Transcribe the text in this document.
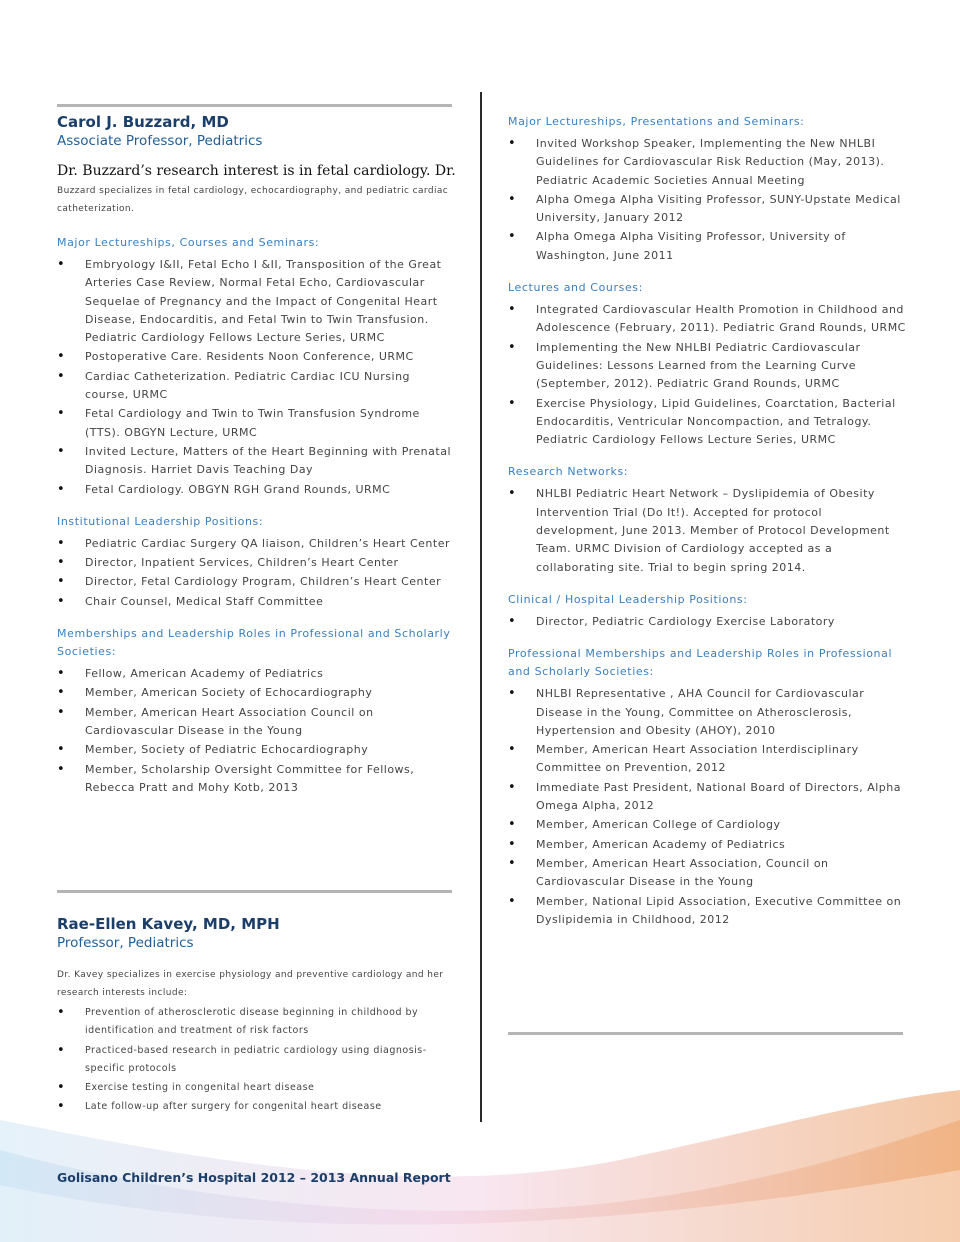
Carol J. Buzzard, MD
Associate Professor, Pediatrics
Dr. Buzzard’s research interest is in fetal cardiology. Dr. Buzzard specializes in fetal cardiology, echocardiography, and pediatric cardiac catheterization.

Major Lectureships, Courses and Seminars:

• Embryology I&II, Fetal Echo I &II, Transposition of the Great Arteries Case Review, Normal Fetal Echo, Cardiovascular Sequelae of Pregnancy and the Impact of Congenital Heart Disease, Endocarditis, and Fetal Twin to Twin Transfusion. Pediatric Cardiology Fellows Lecture Series, URMC
• Postoperative Care. Residents Noon Conference, URMC
• Cardiac Catheterization. Pediatric Cardiac ICU Nursing course, URMC
• Fetal Cardiology and Twin to Twin Transfusion Syndrome (TTS). OBGYN Lecture, URMC
• Invited Lecture, Matters of the Heart Beginning with Prenatal Diagnosis. Harriet Davis Teaching Day
• Fetal Cardiology. OBGYN RGH Grand Rounds, URMC

Institutional Leadership Positions:

• Pediatric Cardiac Surgery QA liaison, Children’s Heart Center
• Director, Inpatient Services, Children’s Heart Center
• Director, Fetal Cardiology Program, Children’s Heart Center
• Chair Counsel, Medical Staff Committee

Memberships and Leadership Roles in Professional and Scholarly Societies:

• Fellow, American Academy of Pediatrics
• Member, American Society of Echocardiography
• Member, American Heart Association Council on Cardiovascular Disease in the Young
• Member, Society of Pediatric Echocardiography
• Member, Scholarship Oversight Committee for Fellows, Rebecca Pratt and Mohy Kotb, 2013
Rae-Ellen Kavey, MD, MPH
Professor, Pediatrics
Dr. Kavey specializes in exercise physiology and preventive cardiology and her research interests include:
• Prevention of atherosclerotic disease beginning in childhood by identification and treatment of risk factors
• Practiced-based research in pediatric cardiology using diagnosis-specific protocols
• Exercise testing in congenital heart disease
• Late follow-up after surgery for congenital heart disease

Major Lectureships, Presentations and Seminars:

• Invited Workshop Speaker, Implementing the New NHLBI Guidelines for Cardiovascular Risk Reduction (May, 2013). Pediatric Academic Societies Annual Meeting
• Alpha Omega Alpha Visiting Professor, SUNY-Upstate Medical University, January 2012
• Alpha Omega Alpha Visiting Professor, University of Washington, June 2011

Lectures and Courses:

• Integrated Cardiovascular Health Promotion in Childhood and Adolescence (February, 2011). Pediatric Grand Rounds, URMC
• Implementing the New NHLBI Pediatric Cardiovascular Guidelines: Lessons Learned from the Learning Curve (September, 2012). Pediatric Grand Rounds, URMC
• Exercise Physiology, Lipid Guidelines, Coarctation, Bacterial Endocarditis, Ventricular Noncompaction, and Tetralogy. Pediatric Cardiology Fellows Lecture Series, URMC

Research Networks:

• NHLBI Pediatric Heart Network – Dyslipidemia of Obesity Intervention Trial (Do It!). Accepted for protocol development, June 2013. Member of Protocol Development Team. URMC Division of Cardiology accepted as a collaborating site. Trial to begin spring 2014.

Clinical / Hospital Leadership Positions:

• Director, Pediatric Cardiology Exercise Laboratory

Professional Memberships and Leadership Roles in Professional and Scholarly Societies:

• NHLBI Representative , AHA Council for Cardiovascular Disease in the Young, Committee on Atherosclerosis, Hypertension and Obesity (AHOY), 2010
• Member, American Heart Association Interdisciplinary Committee on Prevention, 2012
• Immediate Past President, National Board of Directors, Alpha Omega Alpha, 2012
• Member, American College of Cardiology
• Member, American Academy of Pediatrics
• Member, American Heart Association, Council on Cardiovascular Disease in the Young
• Member, National Lipid Association, Executive Committee on Dyslipidemia in Childhood, 2012
Golisano Children’s Hospital 2012 – 2013 Annual Report
